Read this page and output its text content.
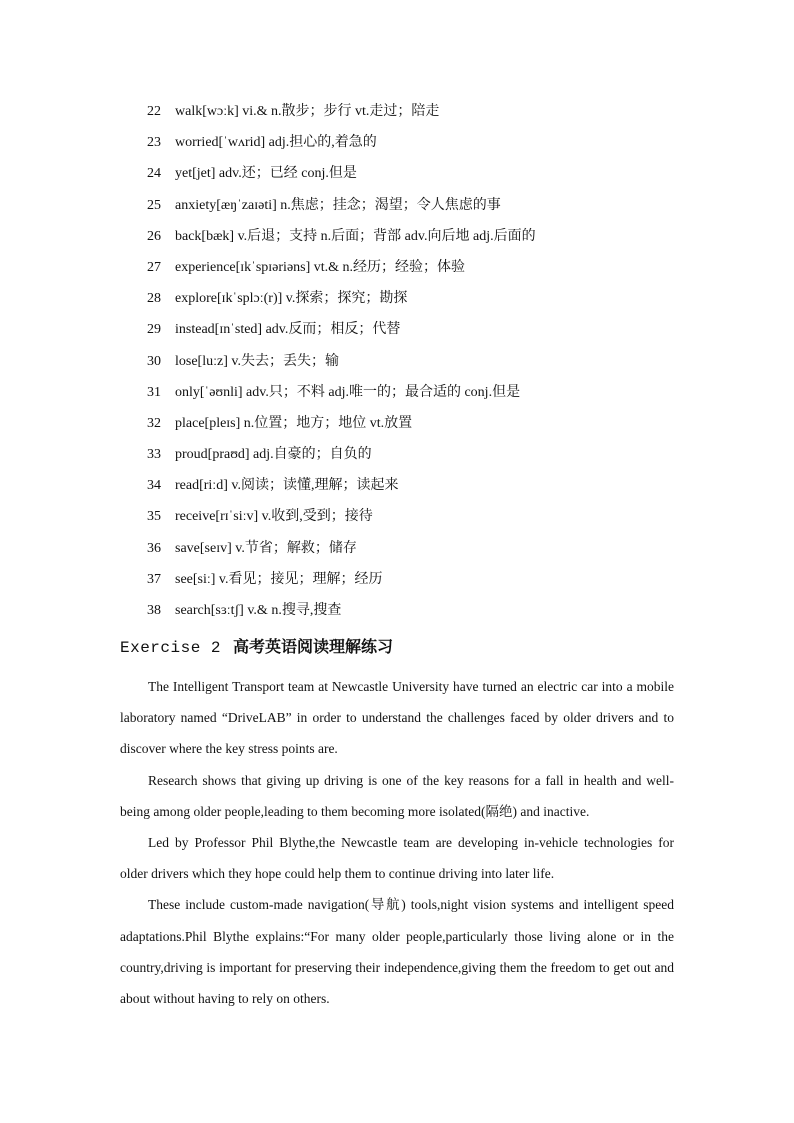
22 walk[wɔːk] vi.& n.散步；步行 vt.走过；陪走
23 worried[ˈwʌrid] adj.担心的,着急的
24 yet[jet] adv.还；已经 conj.但是
25 anxiety[æŋˈzaɪəti] n.焦虑；挂念；渴望；令人焦虑的事
26 back[bæk] v.后退；支持 n.后面；背部 adv.向后地 adj.后面的
27 experience[ɪkˈspɪəriəns] vt.& n.经历；经验；体验
28 explore[ɪkˈsplɔː(r)] v.探索；探究；勘探
29 instead[ɪnˈsted] adv.反而；相反；代替
30 lose[luːz] v.失去；丢失；输
31 only[ˈəʊnli] adv.只；不料 adj.唯一的；最合适的 conj.但是
32 place[pleɪs] n.位置；地方；地位 vt.放置
33 proud[praʊd] adj.自豪的；自负的
34 read[riːd] v.阅读；读懂,理解；读起来
35 receive[rɪˈsiːv] v.收到,受到；接待
36 save[seɪv] v.节省；解救；储存
37 see[siː] v.看见；接见；理解；经历
38 search[sɜːtʃ] v.& n.搜寻,搜查
Exercise 2 高考英语阅读理解练习

The Intelligent Transport team at Newcastle University have turned an electric car into a mobile laboratory named “DriveLAB” in order to understand the challenges faced by older drivers and to discover where the key stress points are.

Research shows that giving up driving is one of the key reasons for a fall in health and well-being among older people,leading to them becoming more isolated(隔绝) and inactive.

Led by Professor Phil Blythe,the Newcastle team are developing in-vehicle technologies for older drivers which they hope could help them to continue driving into later life.

These include custom-made navigation(导航) tools,night vision systems and intelligent speed adaptations.Phil Blythe explains:“For many older people,particularly those living alone or in the country,driving is important for preserving their independence,giving them the freedom to get out and about without having to rely on others.
